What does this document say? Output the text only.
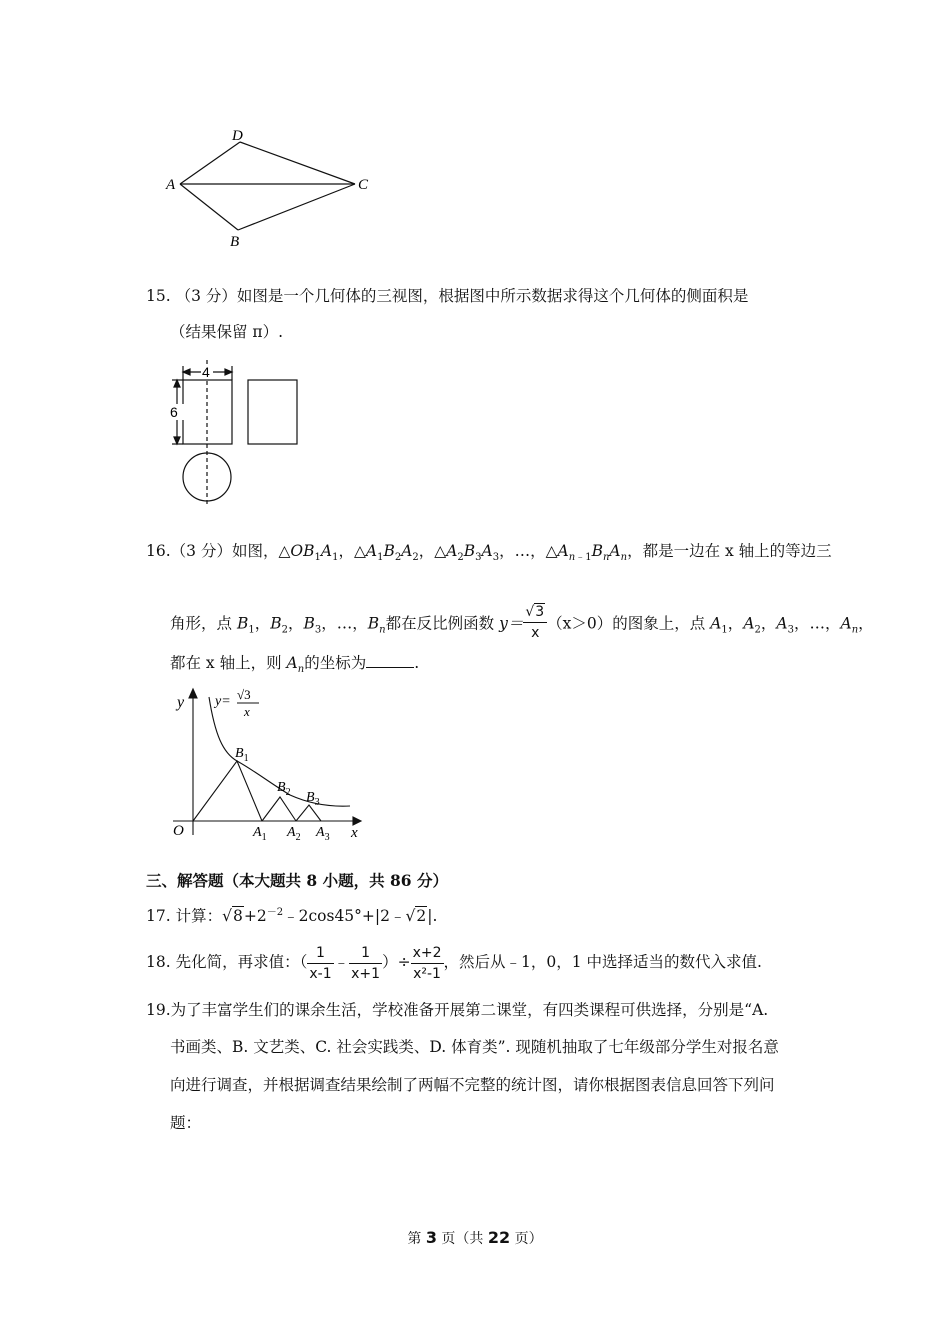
D
A	C
B
15. （3 分）如图是一个几何体的三视图，根据图中所示数据求得这个几何体的侧面积是
（结果保留 π）.
4
6
16.（3 分）如图，$\triangle OB_1A_1$，$\triangle A_1B_2A_2$，$\triangle A_2B_3A_3$，…，$\triangle A_{n﹣1}B_nA_n$，都是一边在 x 轴上的等边三
角形，点 $B_1$，$B_2$，$B_3$，…，$B_n$都在反比例函数 $y= \frac{√3}{x} (x>0)$的图象上，点 $A_1$，$A_2$，$A_3$，…，$A_n$，
都在 x 轴上，则 $A_n$的坐标为	.
y y= √3
x
$B_1$
$B_2$ $B_3$
O	$A_1$ $A_2$ $A_3$ x
三、解答题（本大题共 8 小题，共 86 分）
17. 计算：$√8+2^{-2}﹣2\cos 45^\circ+|2﹣√2|$.
18. 先化简，再求值：（ $\frac{1}{x-1}$ ﹣ $\frac{1}{x+1}$ ）÷ $\frac{x+2}{\text{x²-1}}$ ，然后从﹣1，0，1 中选择适当的数代入求值.
19.为了丰富学生们的课余生活，学校准备开展第二课堂，有四类课程可供选择，分别是“A.
书画类、B. 文艺类、C. 社会实践类、D. 体育类”. 现随机抽取了七年级部分学生对报名意
向进行调查，并根据调查结果绘制了两幅不完整的统计图，请你根据图表信息回答下列问
题：
第 3 页（共 22 页）
